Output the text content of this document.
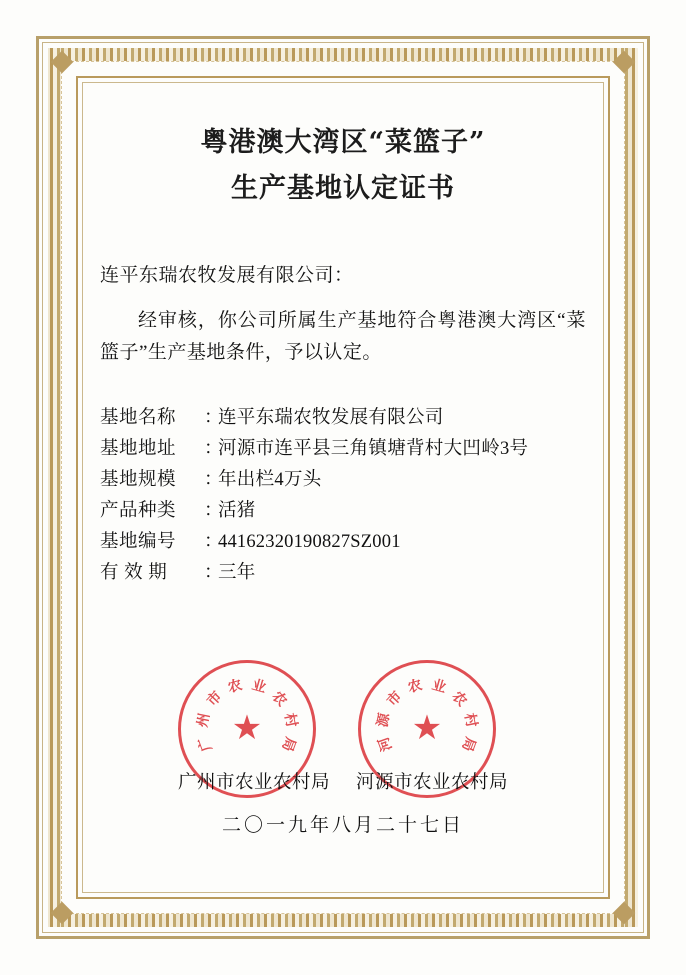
粤港澳大湾区“菜篮子”
生产基地认定证书
连平东瑞农牧发展有限公司：
经审核，你公司所属生产基地符合粤港澳大湾区“菜篮子”生产基地条件，予以认定。
基地名称	：
连平东瑞农牧发展有限公司
基地地址	：
河源市连平县三角镇塘背村大凹岭3号
基地规模	：
年出栏4万头
产品种类	：
活猪
基地编号	：
44162320190827SZ001
有 效 期	：
三年
广
州
市
农 业
农
村
局
★	河
源
市
农 业
农
村
局
★
广州市农业农村局 河源市农业农村局
二〇一九年八月二十七日
